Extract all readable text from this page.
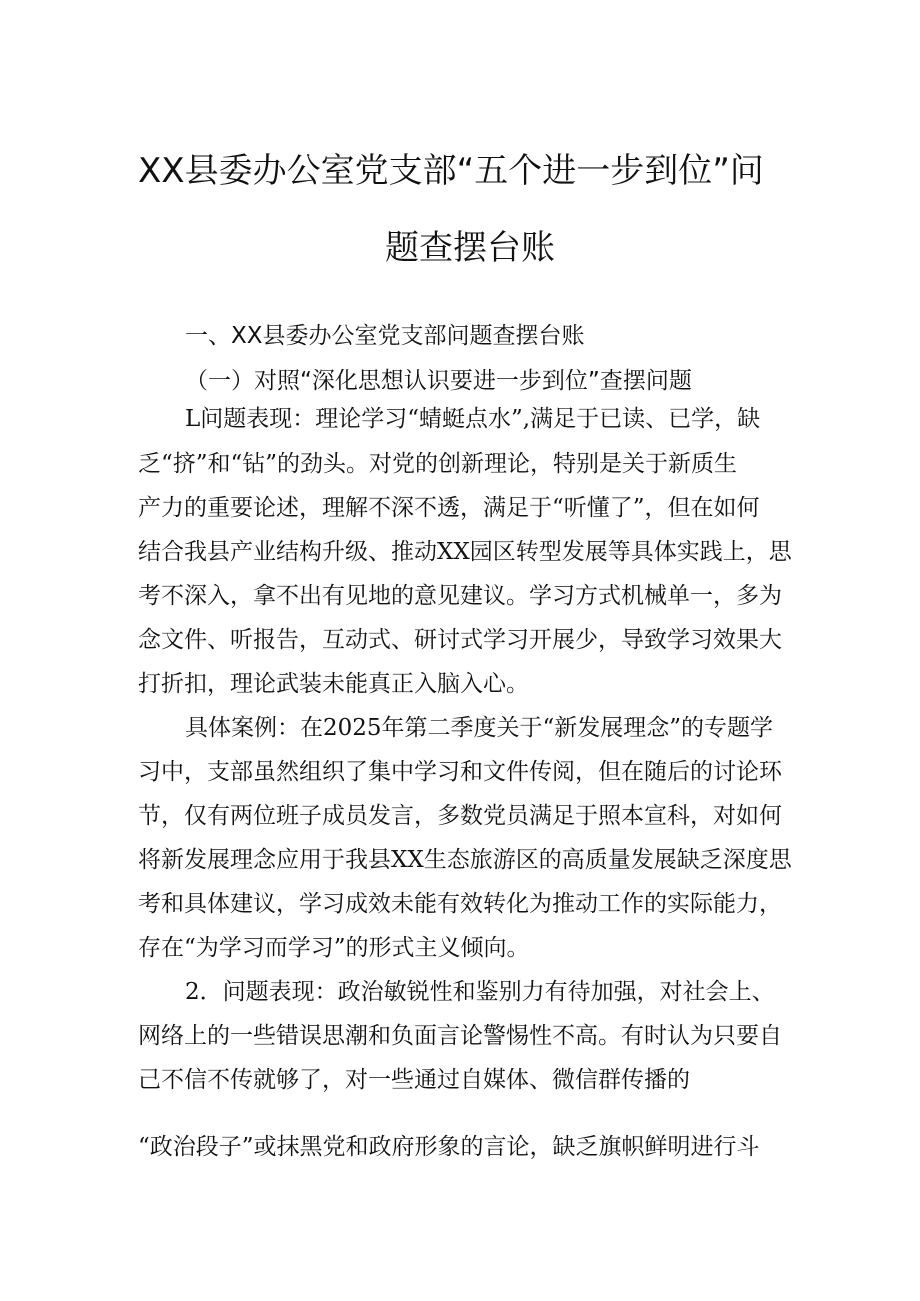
XX县委办公室党支部“五个进一步到位”问
题查摆台账
一、XX县委办公室党支部问题查摆台账
（一）对照“深化思想认识要进一步到位”查摆问题
L问题表现：理论学习“蜻蜓点水”,满足于已读、已学，缺
乏“挤”和“钻”的劲头。对党的创新理论，特别是关于新质生
产力的重要论述，理解不深不透，满足于“听懂了”，但在如何
结合我县产业结构升级、推动XX园区转型发展等具体实践上，思
考不深入，拿不出有见地的意见建议。学习方式机械单一，多为
念文件、听报告，互动式、研讨式学习开展少，导致学习效果大
打折扣，理论武装未能真正入脑入心。
具体案例：在2025年第二季度关于“新发展理念”的专题学
习中，支部虽然组织了集中学习和文件传阅，但在随后的讨论环
节，仅有两位班子成员发言，多数党员满足于照本宣科，对如何
将新发展理念应用于我县XX生态旅游区的高质量发展缺乏深度思
考和具体建议，学习成效未能有效转化为推动工作的实际能力，
存在“为学习而学习”的形式主义倾向。
2．问题表现：政治敏锐性和鉴别力有待加强，对社会上、
网络上的一些错误思潮和负面言论警惕性不高。有时认为只要自
己不信不传就够了，对一些通过自媒体、微信群传播的
“政治段子”或抹黑党和政府形象的言论，缺乏旗帜鲜明进行斗
